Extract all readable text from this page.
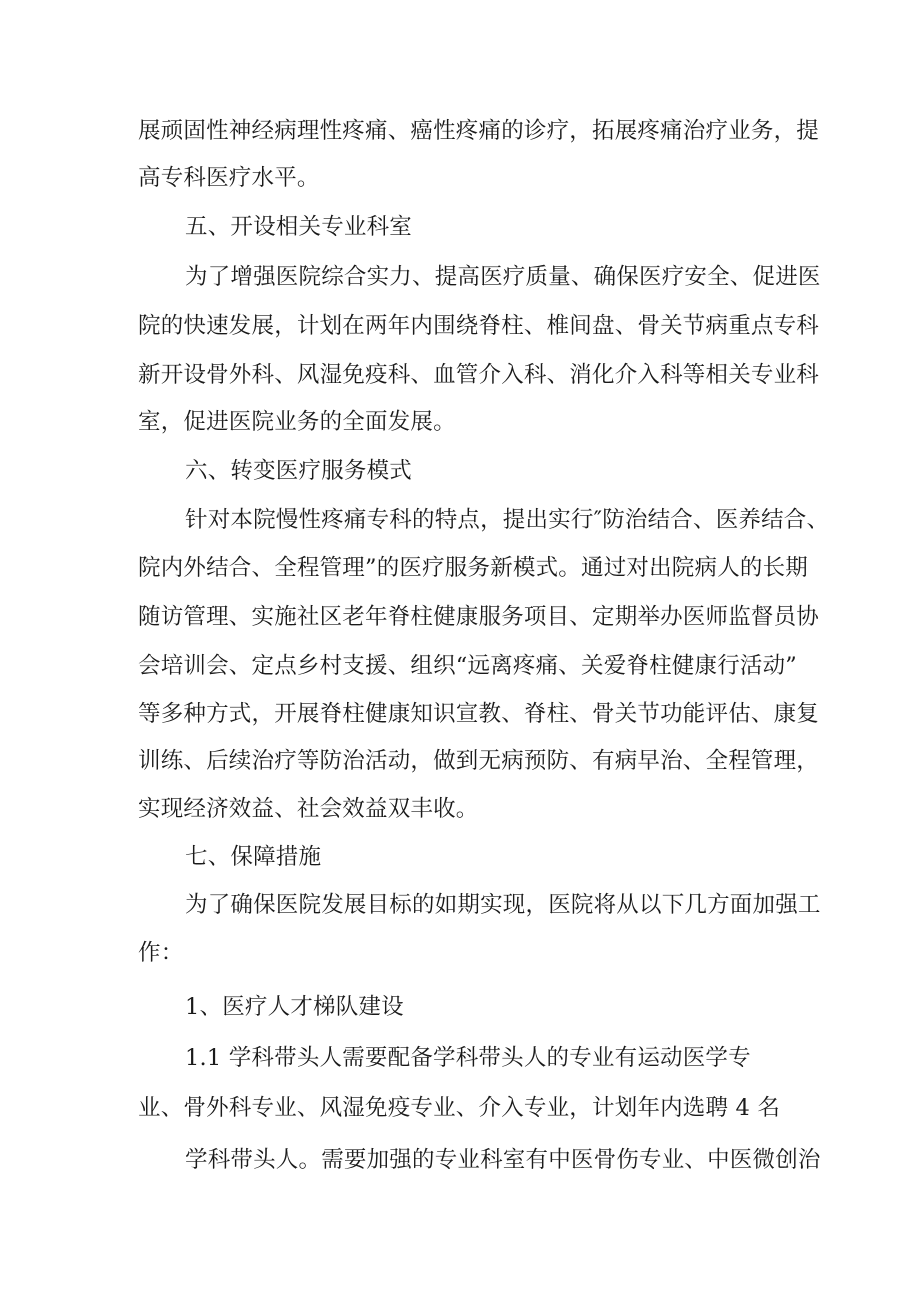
展顽固性神经病理性疼痛、癌性疼痛的诊疗，拓展疼痛治疗业务，提
高专科医疗水平。
五、开设相关专业科室
为了增强医院综合实力、提高医疗质量、确保医疗安全、促进医
院的快速发展，计划在两年内围绕脊柱、椎间盘、骨关节病重点专科
新开设骨外科、风湿免疫科、血管介入科、消化介入科等相关专业科
室，促进医院业务的全面发展。
六、转变医疗服务模式
针对本院慢性疼痛专科的特点，提出实行″防治结合、医养结合、
院内外结合、全程管理”的医疗服务新模式。通过对出院病人的长期
随访管理、实施社区老年脊柱健康服务项目、定期举办医师监督员协
会培训会、定点乡村支援、组织“远离疼痛、关爱脊柱健康行活动”
等多种方式，开展脊柱健康知识宣教、脊柱、骨关节功能评估、康复
训练、后续治疗等防治活动，做到无病预防、有病早治、全程管理，
实现经济效益、社会效益双丰收。
七、保障措施
为了确保医院发展目标的如期实现，医院将从以下几方面加强工
作：
1、医疗人才梯队建设
1.1 学科带头人需要配备学科带头人的专业有运动医学专
业、骨外科专业、风湿免疫专业、介入专业，计划年内选聘 4 名
学科带头人。需要加强的专业科室有中医骨伤专业、中医微创治
